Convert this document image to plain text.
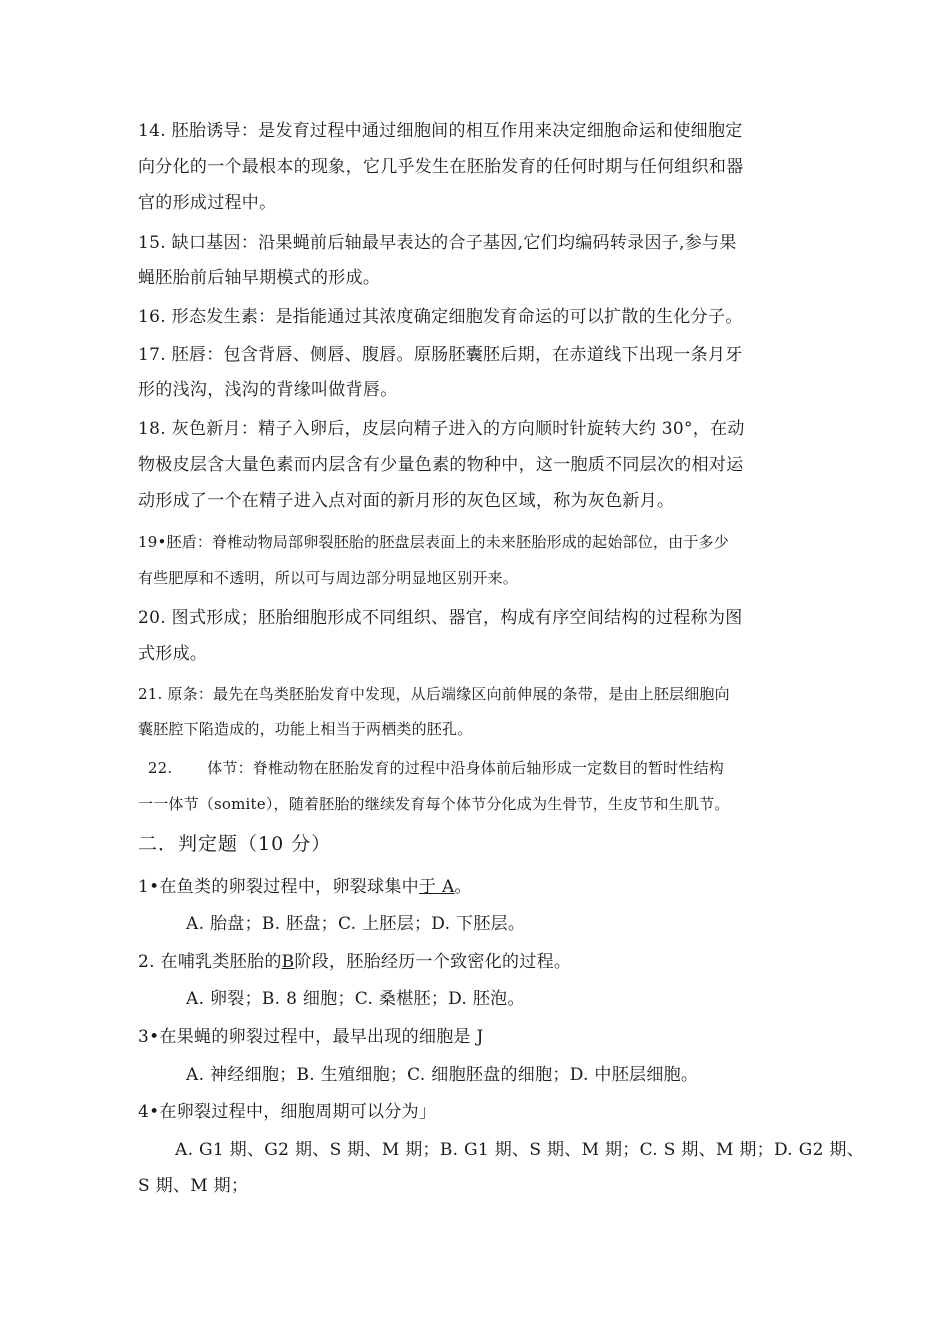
14. 胚胎诱导：是发育过程中通过细胞间的相互作用来决定细胞命运和使细胞定
向分化的一个最根本的现象，它几乎发生在胚胎发育的任何时期与任何组织和器
官的形成过程中。
15. 缺口基因：沿果蝇前后轴最早表达的合子基因,它们均编码转录因子,参与果
蝇胚胎前后轴早期模式的形成。
16. 形态发生素：是指能通过其浓度确定细胞发育命运的可以扩散的生化分子。
17. 胚唇：包含背唇、侧唇、腹唇。原肠胚囊胚后期，在赤道线下出现一条月牙
形的浅沟，浅沟的背缘叫做背唇。
18. 灰色新月：精子入卵后，皮层向精子进入的方向顺时针旋转大约 30°，在动
物极皮层含大量色素而内层含有少量色素的物种中，这一胞质不同层次的相对运
动形成了一个在精子进入点对面的新月形的灰色区域，称为灰色新月。
19•胚盾：脊椎动物局部卵裂胚胎的胚盘层表面上的未来胚胎形成的起始部位，由于多少
有些肥厚和不透明，所以可与周边部分明显地区别开来。
20. 图式形成；胚胎细胞形成不同组织、器官，构成有序空间结构的过程称为图
式形成。
21. 原条：最先在鸟类胚胎发育中发现，从后端缘区向前伸展的条带，是由上胚层细胞向
囊胚腔下陷造成的，功能上相当于两栖类的胚孔。
22.       体节：脊椎动物在胚胎发育的过程中沿身体前后轴形成一定数目的暂时性结构
一一体节（somite），随着胚胎的继续发育每个体节分化成为生骨节，生皮节和生肌节。
二．判定题（10 分）
1•在鱼类的卵裂过程中，卵裂球集中于 A。
A. 胎盘；B. 胚盘；C. 上胚层；D. 下胚层。
2. 在哺乳类胚胎的B阶段，胚胎经历一个致密化的过程。
A. 卵裂；B. 8 细胞；C. 桑椹胚；D. 胚泡。
3•在果蝇的卵裂过程中，最早出现的细胞是 J
A. 神经细胞；B. 生殖细胞；C. 细胞胚盘的细胞；D. 中胚层细胞。
4•在卵裂过程中，细胞周期可以分为」
A. G1 期、G2 期、S 期、M 期；B. G1 期、S 期、M 期；C. S 期、M 期；D. G2 期、
S 期、M 期；
